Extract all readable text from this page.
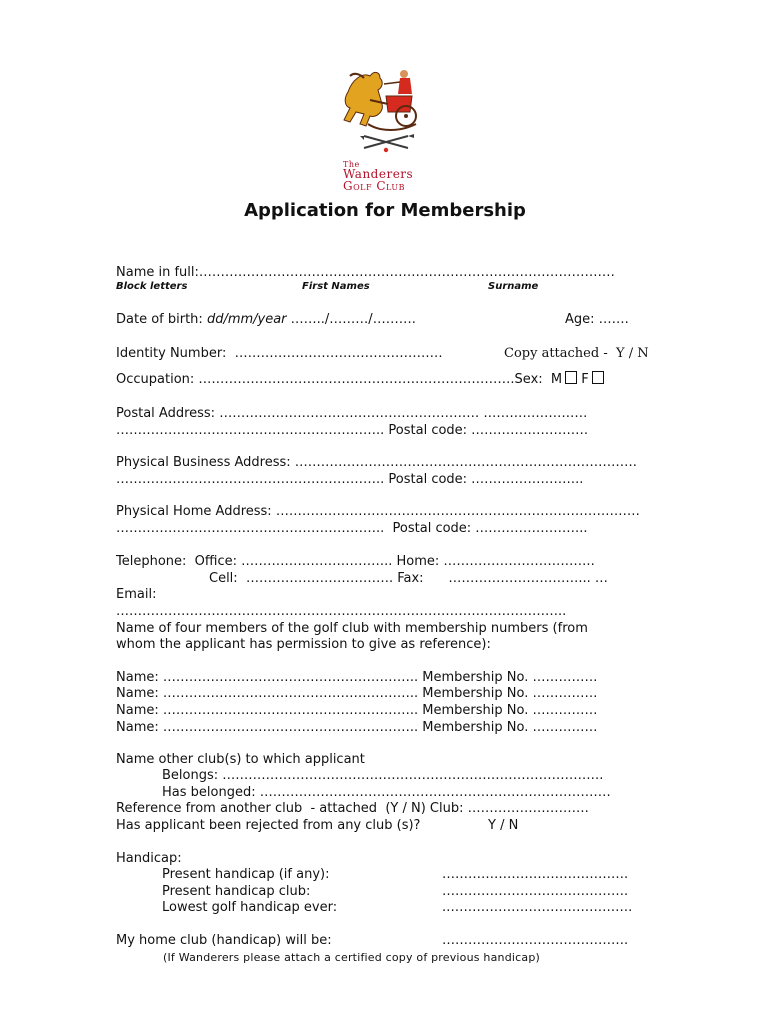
The
Wanderers
Golf Club
Application for Membership
Name in full:……………………………………………………………………………………
Block letters	First Names	Surname
Date of birth: dd/mm/year ……../………/……….	Age: …….
Identity Number:  …………………………………………	Copy attached -  Y / N
Occupation: ……………………………………………………………….Sex:  M F
Postal Address: …………………………………………………… ……………………
…………………………………………………….. Postal code: ………………………
Physical Business Address: …………………………………………………………………….
…………………………………………………….. Postal code: ……………………..
Physical Home Address: …………………………………………………………………………
……………………………………………………..  Postal code: ……………………..
Telephone:  Office: …………………………….. Home: ……………………………..
Cell:  ……………………………. Fax:      …………………………... …
Email:
…………………………………………………………………………………………..
Name of four members of the golf club with membership numbers (from
whom the applicant has permission to give as reference):
Name: ………………………………………………….. Membership No. ……………
Name: ………………………………………………….. Membership No. ……………
Name: ………………………………………………….. Membership No. ……………
Name: ………………………………………………….. Membership No. ……………
Name other club(s) to which applicant
Belongs: …………………………………………………………………………….
Has belonged: ………………………………………………………………………
Reference from another club  - attached  (Y / N) Club: ……………………….
Has applicant been rejected from any club (s)?	Y / N
Handicap:
Present handicap (if any):	…………………………………….
Present handicap club:	…………………………………….
Lowest golf handicap ever:	.…………………………………….
My home club (handicap) will be:	…………………………………….
(If Wanderers please attach a certified copy of previous handicap)
